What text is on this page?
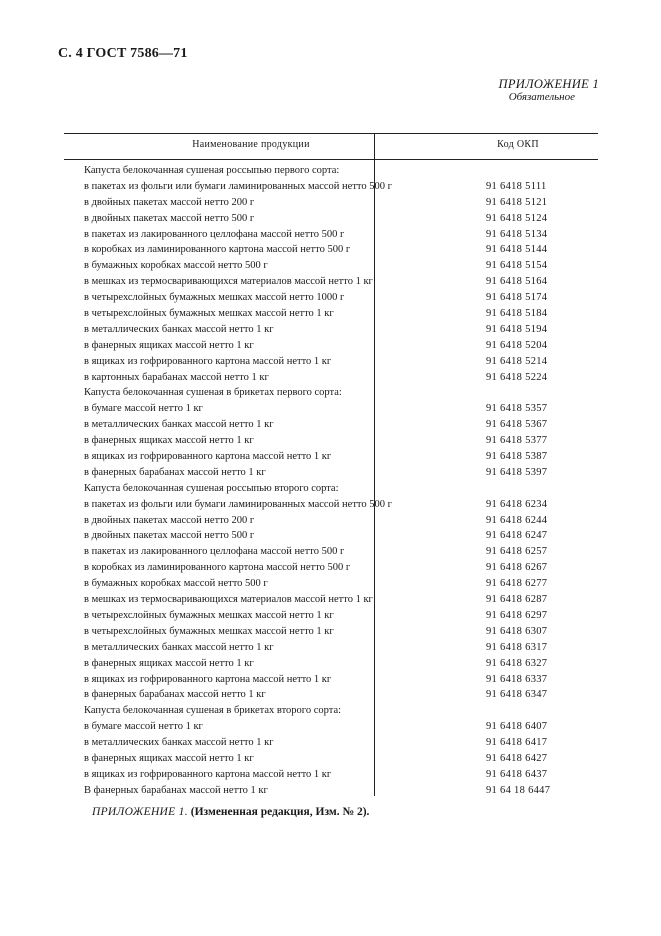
С. 4 ГОСТ 7586—71
ПРИЛОЖЕНИЕ 1
Обязательное
Наименование продукции	Код ОКП
Капуста белокочанная сушеная россыпью первого сорта:
в пакетах из фольги или бумаги ламинированных массой нетто 500 г	91 6418 5111
в двойных пакетах массой нетто 200 г	91 6418 5121
в двойных пакетах массой нетто 500 г	91 6418 5124
в пакетах из лакированного целлофана массой нетто 500 г	91 6418 5134
в коробках из ламинированного картона массой нетто 500 г	91 6418 5144
в бумажных коробках массой нетто 500 г	91 6418 5154
в мешках из термосваривающихся материалов массой нетто 1 кг	91 6418 5164
в четырехслойных бумажных мешках массой нетто 1000 г	91 6418 5174
в четырехслойных бумажных мешках массой нетто 1 кг	91 6418 5184
в металлических банках массой нетто 1 кг	91 6418 5194
в фанерных ящиках массой нетто 1 кг	91 6418 5204
в ящиках из гофрированного картона массой нетто 1 кг	91 6418 5214
в картонных барабанах массой нетто 1 кг	91 6418 5224
Капуста белокочанная сушеная в брикетах первого сорта:
в бумаге массой нетто 1 кг	91 6418 5357
в металлических банках массой нетто 1 кг	91 6418 5367
в фанерных ящиках массой нетто 1 кг	91 6418 5377
в ящиках из гофрированного картона массой нетто 1 кг	91 6418 5387
в фанерных барабанах массой нетто 1 кг	91 6418 5397
Капуста белокочанная сушеная россыпью второго сорта:
в пакетах из фольги или бумаги ламинированных массой нетто 500 г	91 6418 6234
в двойных пакетах массой нетто 200 г	91 6418 6244
в двойных пакетах массой нетто 500 г	91 6418 6247
в пакетах из лакированного целлофана массой нетто 500 г	91 6418 6257
в коробках из ламинированного картона массой нетто 500 г	91 6418 6267
в бумажных коробках массой нетто 500 г	91 6418 6277
в мешках из термосваривающихся материалов массой нетто 1 кг	91 6418 6287
в четырехслойных бумажных мешках массой нетто 1 кг	91 6418 6297
в четырехслойных бумажных мешках массой нетто 1 кг	91 6418 6307
в металлических банках массой нетто 1 кг	91 6418 6317
в фанерных ящиках массой нетто 1 кг	91 6418 6327
в ящиках из гофрированного картона массой нетто 1 кг	91 6418 6337
в фанерных барабанах массой нетто 1 кг	91 6418 6347
Капуста белокочанная сушеная в брикетах второго сорта:
в бумаге массой нетто 1 кг	91 6418 6407
в металлических банках массой нетто 1 кг	91 6418 6417
в фанерных ящиках массой нетто 1 кг	91 6418 6427
в ящиках из гофрированного картона массой нетто 1 кг	91 6418 6437
В фанерных барабанах массой нетто 1 кг	91 64 18 6447
ПРИЛОЖЕНИЕ 1. (Измененная редакция, Изм. № 2).
